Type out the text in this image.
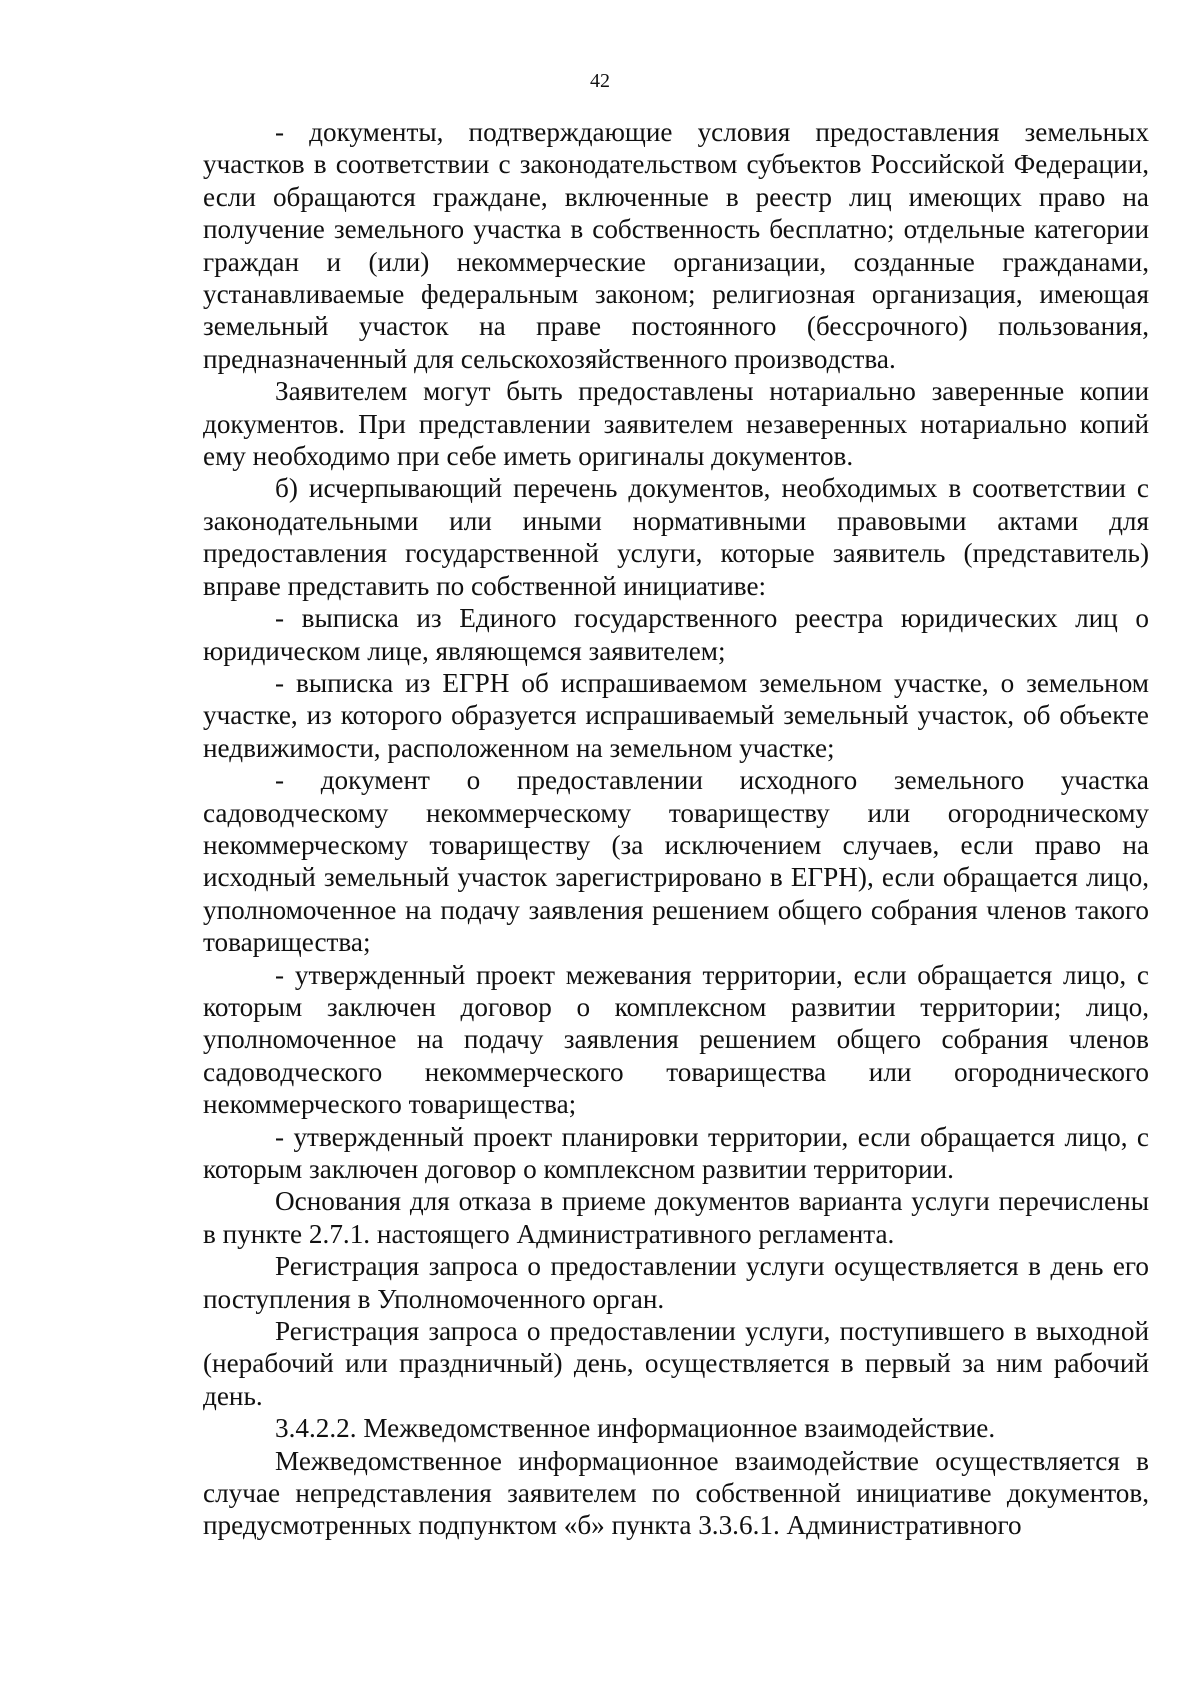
42

- документы, подтверждающие условия предоставления земельных участков в соответствии с законодательством субъектов Российской Федерации, если обращаются граждане, включенные в реестр лиц имеющих право на получение земельного участка в собственность бесплатно; отдельные категории граждан и (или) некоммерческие организации, созданные гражданами, устанавливаемые федеральным законом; религиозная организация, имеющая земельный участок на праве постоянного (бессрочного) пользования, предназначенный для сельскохозяйственного производства.

Заявителем могут быть предоставлены нотариально заверенные копии документов. При представлении заявителем незаверенных нотариально копий ему необходимо при себе иметь оригиналы документов.

б) исчерпывающий перечень документов, необходимых в соответствии с законодательными или иными нормативными правовыми актами для предоставления государственной услуги, которые заявитель (представитель) вправе представить по собственной инициативе:

- выписка из Единого государственного реестра юридических лиц о юридическом лице, являющемся заявителем;

- выписка из ЕГРН об испрашиваемом земельном участке, о земельном участке, из которого образуется испрашиваемый земельный участок, об объекте недвижимости, расположенном на земельном участке;

- документ о предоставлении исходного земельного участка садоводческому некоммерческому товариществу или огородническому некоммерческому товариществу (за исключением случаев, если право на исходный земельный участок зарегистрировано в ЕГРН), если обращается лицо, уполномоченное на подачу заявления решением общего собрания членов такого товарищества;

- утвержденный проект межевания территории, если обращается лицо, с которым заключен договор о комплексном развитии территории; лицо, уполномоченное на подачу заявления решением общего собрания членов садоводческого некоммерческого товарищества или огороднического некоммерческого товарищества;

- утвержденный проект планировки территории, если обращается лицо, с которым заключен договор о комплексном развитии территории.

Основания для отказа в приеме документов варианта услуги перечислены в пункте 2.7.1. настоящего Административного регламента.

Регистрация запроса о предоставлении услуги осуществляется в день его поступления в Уполномоченного орган.

Регистрация запроса о предоставлении услуги, поступившего в выходной (нерабочий или праздничный) день, осуществляется в первый за ним рабочий день.

3.4.2.2. Межведомственное информационное взаимодействие.

Межведомственное информационное взаимодействие осуществляется в случае непредставления заявителем по собственной инициативе документов, предусмотренных подпунктом «б» пункта 3.3.6.1. Административного
